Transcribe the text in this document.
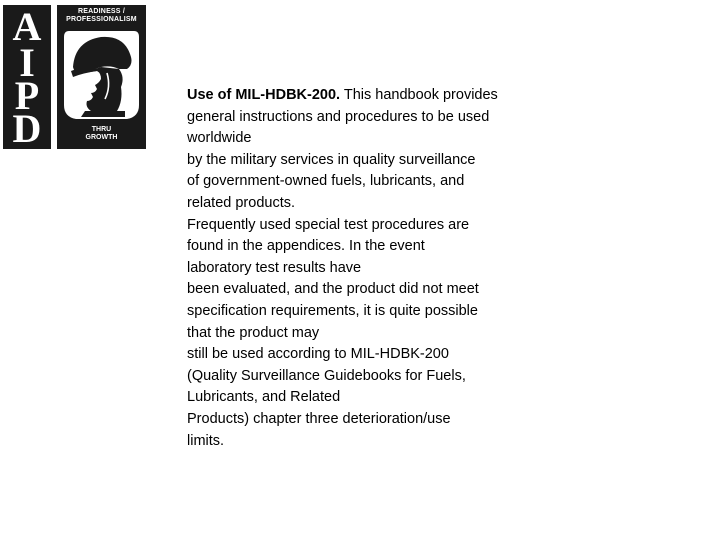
A
I
P
D
READINESS /
PROFESSIONALISM
THRU
GROWTH
Use of MIL-HDBK-200. This handbook provides
general instructions and procedures to be used
worldwide
by the military services in quality surveillance
of government-owned fuels, lubricants, and
related products.
Frequently used special test procedures are
found in the appendices. In the event
laboratory test results have
been evaluated, and the product did not meet
specification requirements, it is quite possible
that the product may
still be used according to MIL-HDBK-200
(Quality Surveillance Guidebooks for Fuels,
Lubricants, and Related
Products) chapter three deterioration/use
limits.
